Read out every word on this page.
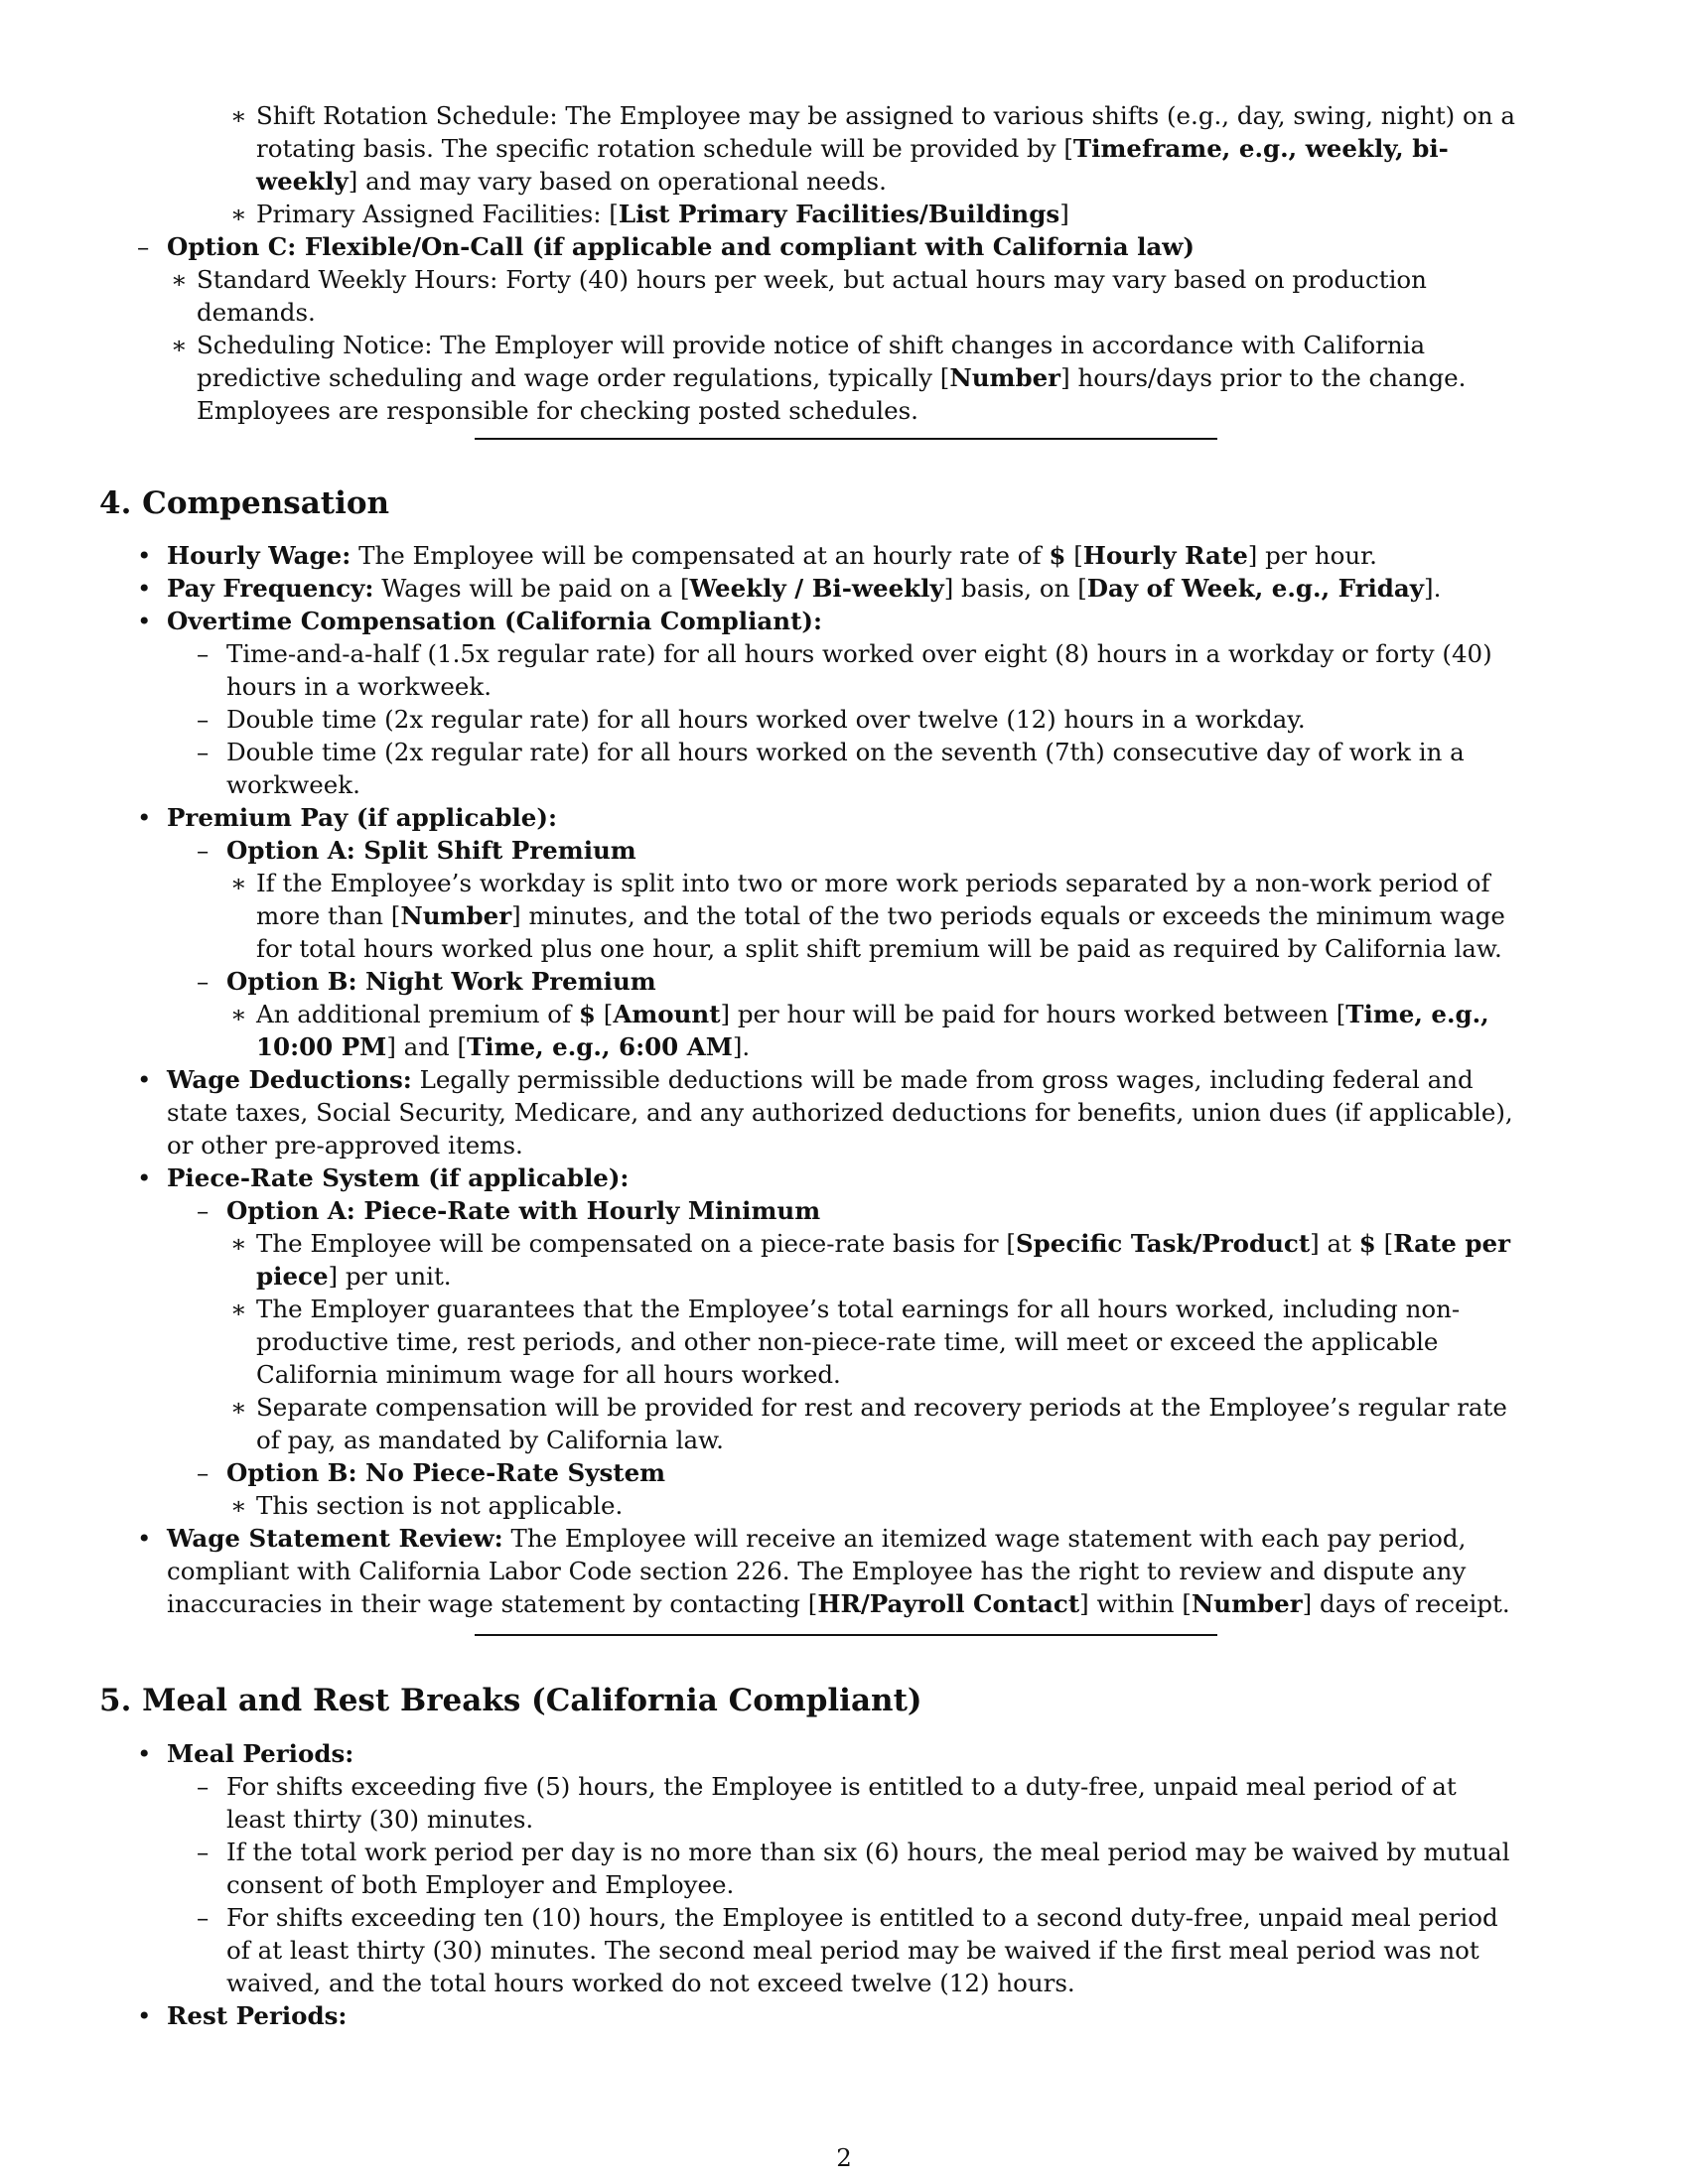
∗ Shift Rotation Schedule: The Employee may be assigned to various shifts (e.g., day, swing, night) on a rotating basis. The specific rotation schedule will be provided by [Timeframe, e.g., weekly, bi-weekly] and may vary based on operational needs.
∗ Primary Assigned Facilities: [List Primary Facilities/Buildings]
– Option C: Flexible/On-Call (if applicable and compliant with California law)
∗ Standard Weekly Hours: Forty (40) hours per week, but actual hours may vary based on production demands.
∗ Scheduling Notice: The Employer will provide notice of shift changes in accordance with California predictive scheduling and wage order regulations, typically [Number] hours/days prior to the change. Employees are responsible for checking posted schedules.
4. Compensation
• Hourly Wage: The Employee will be compensated at an hourly rate of $ [Hourly Rate] per hour.
• Pay Frequency: Wages will be paid on a [Weekly / Bi-weekly] basis, on [Day of Week, e.g., Friday].
• Overtime Compensation (California Compliant):
– Time-and-a-half (1.5x regular rate) for all hours worked over eight (8) hours in a workday or forty (40) hours in a workweek.
– Double time (2x regular rate) for all hours worked over twelve (12) hours in a workday.
– Double time (2x regular rate) for all hours worked on the seventh (7th) consecutive day of work in a workweek.
• Premium Pay (if applicable):
– Option A: Split Shift Premium
∗ If the Employee’s workday is split into two or more work periods separated by a non-work period of more than [Number] minutes, and the total of the two periods equals or exceeds the minimum wage for total hours worked plus one hour, a split shift premium will be paid as required by California law.
– Option B: Night Work Premium
∗ An additional premium of $ [Amount] per hour will be paid for hours worked between [Time, e.g., 10:00 PM] and [Time, e.g., 6:00 AM].
• Wage Deductions: Legally permissible deductions will be made from gross wages, including federal and state taxes, Social Security, Medicare, and any authorized deductions for benefits, union dues (if applicable), or other pre-approved items.
• Piece-Rate System (if applicable):
– Option A: Piece-Rate with Hourly Minimum
∗ The Employee will be compensated on a piece-rate basis for [Specific Task/Product] at $ [Rate per piece] per unit.
∗ The Employer guarantees that the Employee’s total earnings for all hours worked, including non-productive time, rest periods, and other non-piece-rate time, will meet or exceed the applicable California minimum wage for all hours worked.
∗ Separate compensation will be provided for rest and recovery periods at the Employee’s regular rate of pay, as mandated by California law.
– Option B: No Piece-Rate System
∗ This section is not applicable.
• Wage Statement Review: The Employee will receive an itemized wage statement with each pay period, compliant with California Labor Code section 226. The Employee has the right to review and dispute any inaccuracies in their wage statement by contacting [HR/Payroll Contact] within [Number] days of receipt.
5. Meal and Rest Breaks (California Compliant)
• Meal Periods:
– For shifts exceeding five (5) hours, the Employee is entitled to a duty-free, unpaid meal period of at least thirty (30) minutes.
– If the total work period per day is no more than six (6) hours, the meal period may be waived by mutual consent of both Employer and Employee.
– For shifts exceeding ten (10) hours, the Employee is entitled to a second duty-free, unpaid meal period of at least thirty (30) minutes. The second meal period may be waived if the first meal period was not waived, and the total hours worked do not exceed twelve (12) hours.
• Rest Periods:
2
